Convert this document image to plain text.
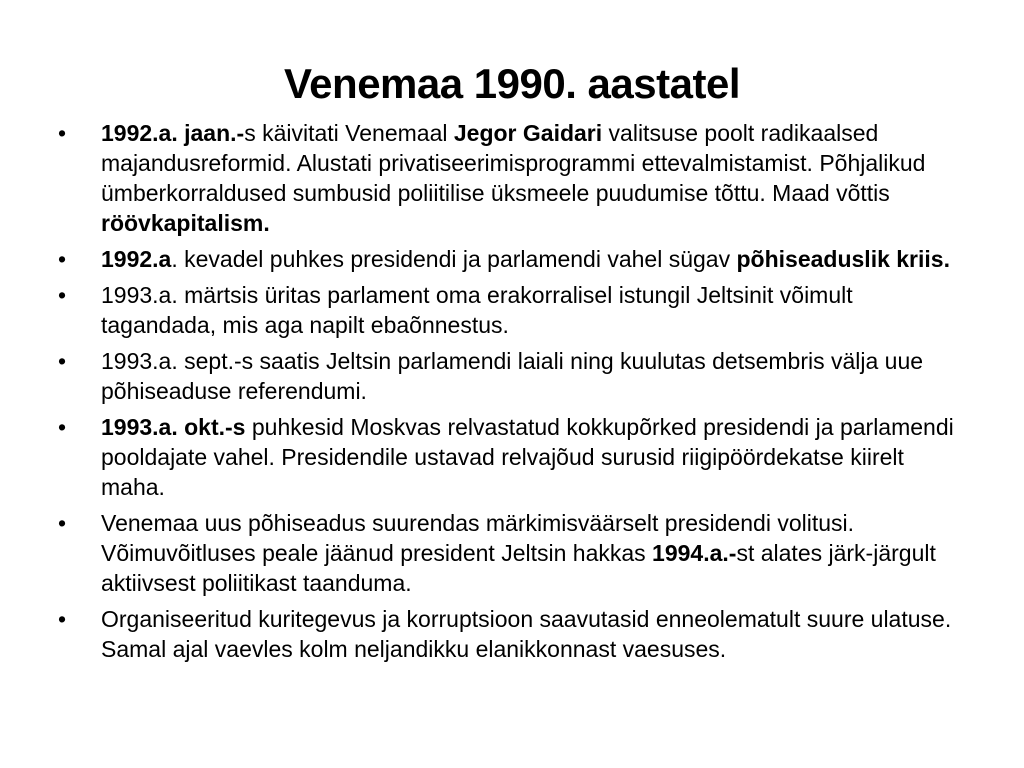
Venemaa 1990. aastatel
•	1992.a. jaan.-s käivitati Venemaal Jegor Gaidari valitsuse poolt radikaalsed majandusreformid. Alustati privatiseerimisprogrammi ettevalmistamist. Põhjalikud ümberkorraldused sumbusid poliitilise üksmeele puudumise tõttu. Maad võttis röövkapitalism.
•	1992.a. kevadel puhkes presidendi ja parlamendi vahel sügav põhiseaduslik kriis.
•	1993.a. märtsis üritas parlament oma erakorralisel istungil Jeltsinit võimult tagandada, mis aga napilt ebaõnnestus.
•	1993.a. sept.-s saatis Jeltsin parlamendi laiali ning kuulutas detsembris välja uue põhiseaduse referendumi.
•	1993.a. okt.-s puhkesid Moskvas relvastatud kokkupõrked presidendi ja parlamendi pooldajate vahel. Presidendile ustavad relvajõud surusid riigipöördekatse kiirelt maha.
•	Venemaa uus põhiseadus suurendas märkimisväärselt presidendi volitusi. Võimuvõitluses peale jäänud president Jeltsin hakkas 1994.a.-st alates järk-järgult aktiivsest poliitikast taanduma.
•	Organiseeritud kuritegevus ja korruptsioon saavutasid enneolematult suure ulatuse. Samal ajal vaevles kolm neljandikku elanikkonnast vaesuses.
